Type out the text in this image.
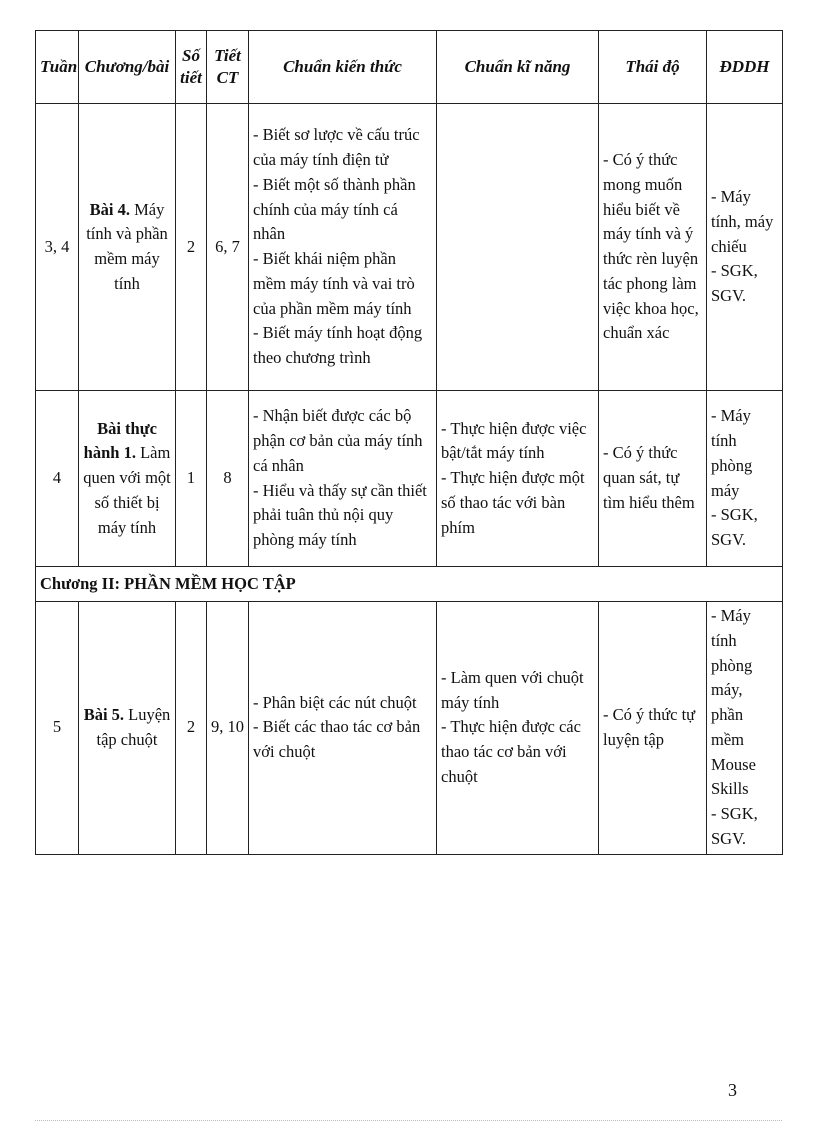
Tuần	Chương/bài	Số tiết	Tiết CT	Chuẩn kiến thức	Chuẩn kĩ năng	Thái độ	ĐDDH
3, 4	Bài 4. Máy tính và phần mềm máy tính	2	6, 7	- Biết sơ lược về cấu trúc của máy tính điện tử
- Biết một số thành phần chính của máy tính cá nhân
- Biết khái niệm phần mềm máy tính và vai trò của phần mềm máy tính
- Biết máy tính hoạt động theo chương trình		- Có ý thức mong muốn hiểu biết về máy tính và ý thức rèn luyện tác phong làm việc khoa học, chuẩn xác	- Máy tính, máy chiếu
- SGK, SGV.

4	Bài thực hành 1. Làm quen với một số thiết bị máy tính	1	8	- Nhận biết được các bộ phận cơ bản của máy tính cá nhân
- Hiểu và thấy sự cần thiết phải tuân thủ nội quy phòng máy tính	- Thực hiện được việc bật/tắt máy tính
- Thực hiện được một số thao tác với bàn phím	- Có ý thức quan sát, tự tìm hiểu thêm	- Máy tính phòng máy
- SGK, SGV.

Chương II: PHẦN MỀM HỌC TẬP							
5	Bài 5. Luyện tập chuột	2	9, 10	- Phân biệt các nút chuột
- Biết các thao tác cơ bản với chuột	- Làm quen với chuột máy tính
- Thực hiện được các thao tác cơ bản với chuột	- Có ý thức tự luyện tập	- Máy tính phòng máy, phần mềm Mouse Skills
- SGK, SGV.
3
